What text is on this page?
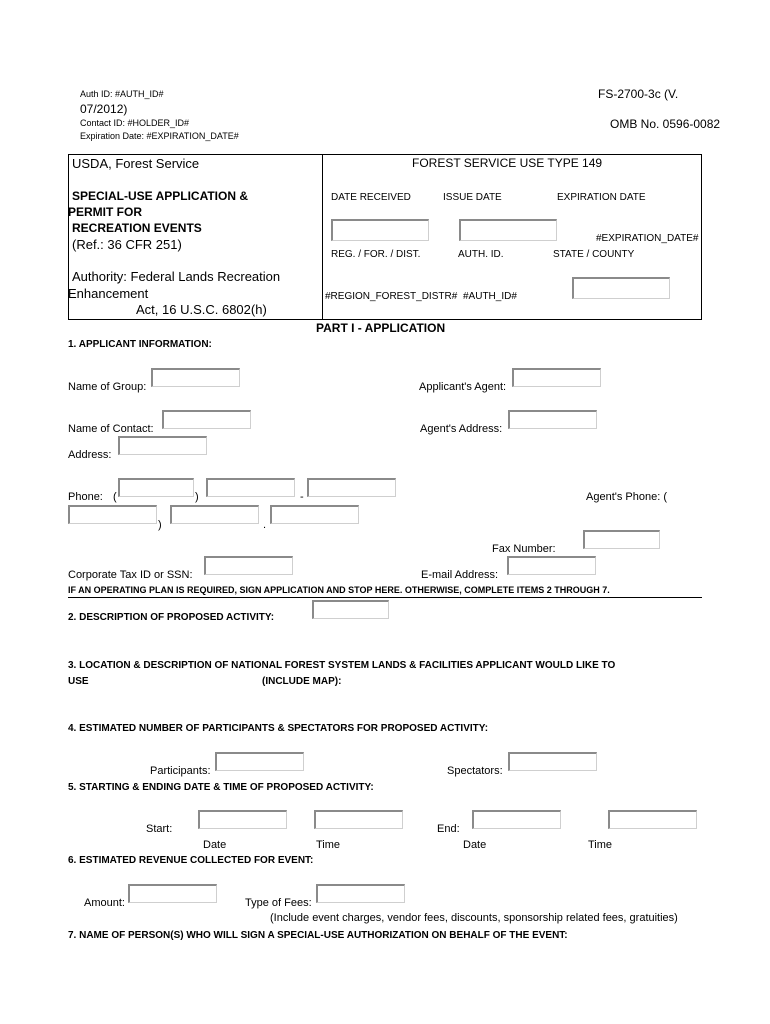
Auth ID: #AUTH_ID#
07/2012)
Contact ID: #HOLDER_ID#
Expiration Date: #EXPIRATION_DATE#
FS-2700-3c (V.
OMB No. 0596-0082
USDA, Forest Service
SPECIAL-USE APPLICATION &
PERMIT FOR
RECREATION EVENTS
(Ref.: 36 CFR 251)
Authority: Federal Lands Recreation
Enhancement
Act, 16 U.S.C. 6802(h)
FOREST SERVICE USE TYPE 149
DATE RECEIVED	ISSUE DATE	EXPIRATION DATE
#EXPIRATION_DATE#
REG. / FOR. / DIST.	AUTH. ID.	STATE / COUNTY
#REGION_FOREST_DISTR# #AUTH_ID#
PART I - APPLICATION
1. APPLICANT INFORMATION:
Name of Group:	Applicant's Agent:
Name of Contact:	Agent's Address:
Address:
Phone: (	)	-	Agent's Phone: (
)	.
Fax Number:
Corporate Tax ID or SSN:	E-mail Address:
IF AN OPERATING PLAN IS REQUIRED, SIGN APPLICATION AND STOP HERE. OTHERWISE, COMPLETE ITEMS 2 THROUGH 7.
2. DESCRIPTION OF PROPOSED ACTIVITY:
3. LOCATION & DESCRIPTION OF NATIONAL FOREST SYSTEM LANDS & FACILITIES APPLICANT WOULD LIKE TO
USE	(INCLUDE MAP):
4. ESTIMATED NUMBER OF PARTICIPANTS & SPECTATORS FOR PROPOSED ACTIVITY:
Participants:	Spectators:
5. STARTING & ENDING DATE & TIME OF PROPOSED ACTIVITY:
Start:	End:
Date	Time	Date	Time
6. ESTIMATED REVENUE COLLECTED FOR EVENT:
Amount:	Type of Fees:
(Include event charges, vendor fees, discounts, sponsorship related fees, gratuities)
7. NAME OF PERSON(S) WHO WILL SIGN A SPECIAL-USE AUTHORIZATION ON BEHALF OF THE EVENT:
